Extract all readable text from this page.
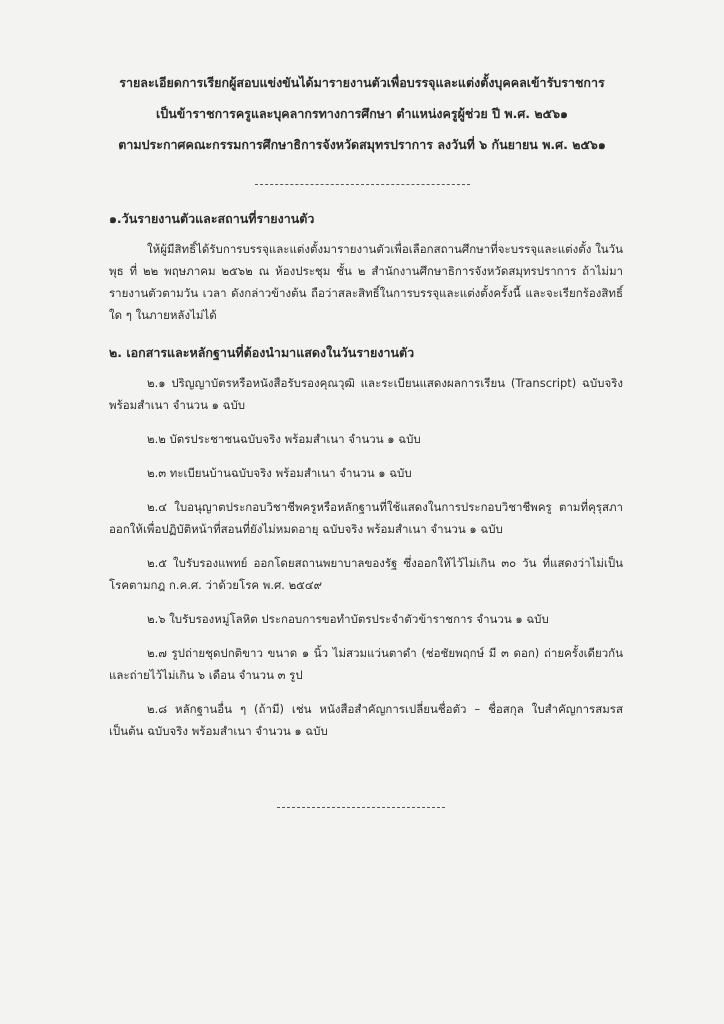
รายละเอียดการเรียกผู้สอบแข่งขันได้มารายงานตัวเพื่อบรรจุและแต่งตั้งบุคคลเข้ารับราชการ
เป็นข้าราชการครูและบุคลากรทางการศึกษา ตำแหน่งครูผู้ช่วย ปี พ.ศ. ๒๕๖๑
ตามประกาศคณะกรรมการศึกษาธิการจังหวัดสมุทรปราการ ลงวันที่ ๖ กันยายน พ.ศ. ๒๕๖๑
๑.วันรายงานตัวและสถานที่รายงานตัว
ให้ผู้มีสิทธิ์ได้รับการบรรจุและแต่งตั้งมารายงานตัวเพื่อเลือกสถานศึกษาที่จะบรรจุและแต่งตั้ง ในวันพุธ ที่ ๒๒ พฤษภาคม ๒๕๖๒ ณ ห้องประชุม ชั้น ๒ สำนักงานศึกษาธิการจังหวัดสมุทรปราการ ถ้าไม่มารายงานตัวตามวัน เวลา ดังกล่าวข้างต้น ถือว่าสละสิทธิ์ในการบรรจุและแต่งตั้งครั้งนี้ และจะเรียกร้องสิทธิ์ใด ๆ ในภายหลังไม่ได้
๒. เอกสารและหลักฐานที่ต้องนำมาแสดงในวันรายงานตัว
๒.๑ ปริญญาบัตรหรือหนังสือรับรองคุณวุฒิ และระเบียนแสดงผลการเรียน (Transcript) ฉบับจริง พร้อมสำเนา จำนวน ๑ ฉบับ
๒.๒ บัตรประชาชนฉบับจริง พร้อมสำเนา จำนวน ๑ ฉบับ
๒.๓ ทะเบียนบ้านฉบับจริง พร้อมสำเนา จำนวน ๑ ฉบับ
๒.๔ ใบอนุญาตประกอบวิชาชีพครูหรือหลักฐานที่ใช้แสดงในการประกอบวิชาชีพครู ตามที่คุรุสภาออกให้เพื่อปฏิบัติหน้าที่สอนที่ยังไม่หมดอายุ ฉบับจริง พร้อมสำเนา จำนวน ๑ ฉบับ
๒.๕ ใบรับรองแพทย์ ออกโดยสถานพยาบาลของรัฐ ซึ่งออกให้ไว้ไม่เกิน ๓๐ วัน ที่แสดงว่าไม่เป็นโรคตามกฎ ก.ค.ศ. ว่าด้วยโรค พ.ศ. ๒๕๔๙
๒.๖ ใบรับรองหมู่โลหิต ประกอบการขอทำบัตรประจำตัวข้าราชการ จำนวน ๑ ฉบับ
๒.๗ รูปถ่ายชุดปกติขาว ขนาด ๑ นิ้ว ไม่สวมแว่นตาดำ (ช่อชัยพฤกษ์ มี ๓ ดอก) ถ่ายครั้งเดียวกัน และถ่ายไว้ไม่เกิน ๖ เดือน จำนวน ๓ รูป
๒.๘ หลักฐานอื่น ๆ (ถ้ามี) เช่น หนังสือสำคัญการเปลี่ยนชื่อตัว – ชื่อสกุล ใบสำคัญการสมรส เป็นต้น ฉบับจริง พร้อมสำเนา จำนวน ๑ ฉบับ
